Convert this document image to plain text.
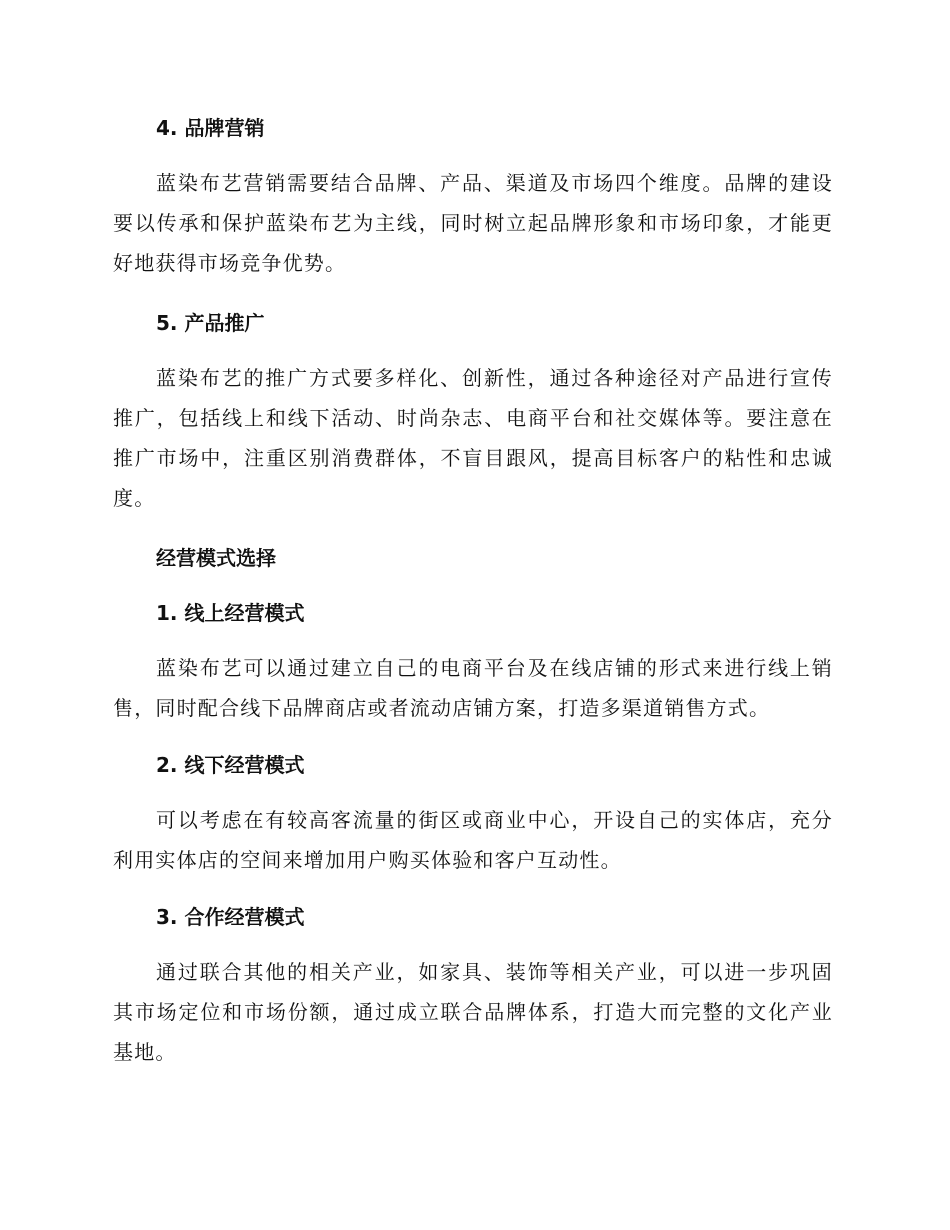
4. 品牌营销
蓝染布艺营销需要结合品牌、产品、渠道及市场四个维度。品牌的建设要以传承和保护蓝染布艺为主线，同时树立起品牌形象和市场印象，才能更好地获得市场竞争优势。
5. 产品推广
蓝染布艺的推广方式要多样化、创新性，通过各种途径对产品进行宣传推广，包括线上和线下活动、时尚杂志、电商平台和社交媒体等。要注意在推广市场中，注重区别消费群体，不盲目跟风，提高目标客户的粘性和忠诚度。
经营模式选择
1. 线上经营模式
蓝染布艺可以通过建立自己的电商平台及在线店铺的形式来进行线上销售，同时配合线下品牌商店或者流动店铺方案，打造多渠道销售方式。
2. 线下经营模式
可以考虑在有较高客流量的街区或商业中心，开设自己的实体店，充分利用实体店的空间来增加用户购买体验和客户互动性。
3. 合作经营模式
通过联合其他的相关产业，如家具、装饰等相关产业，可以进一步巩固其市场定位和市场份额，通过成立联合品牌体系，打造大而完整的文化产业基地。
